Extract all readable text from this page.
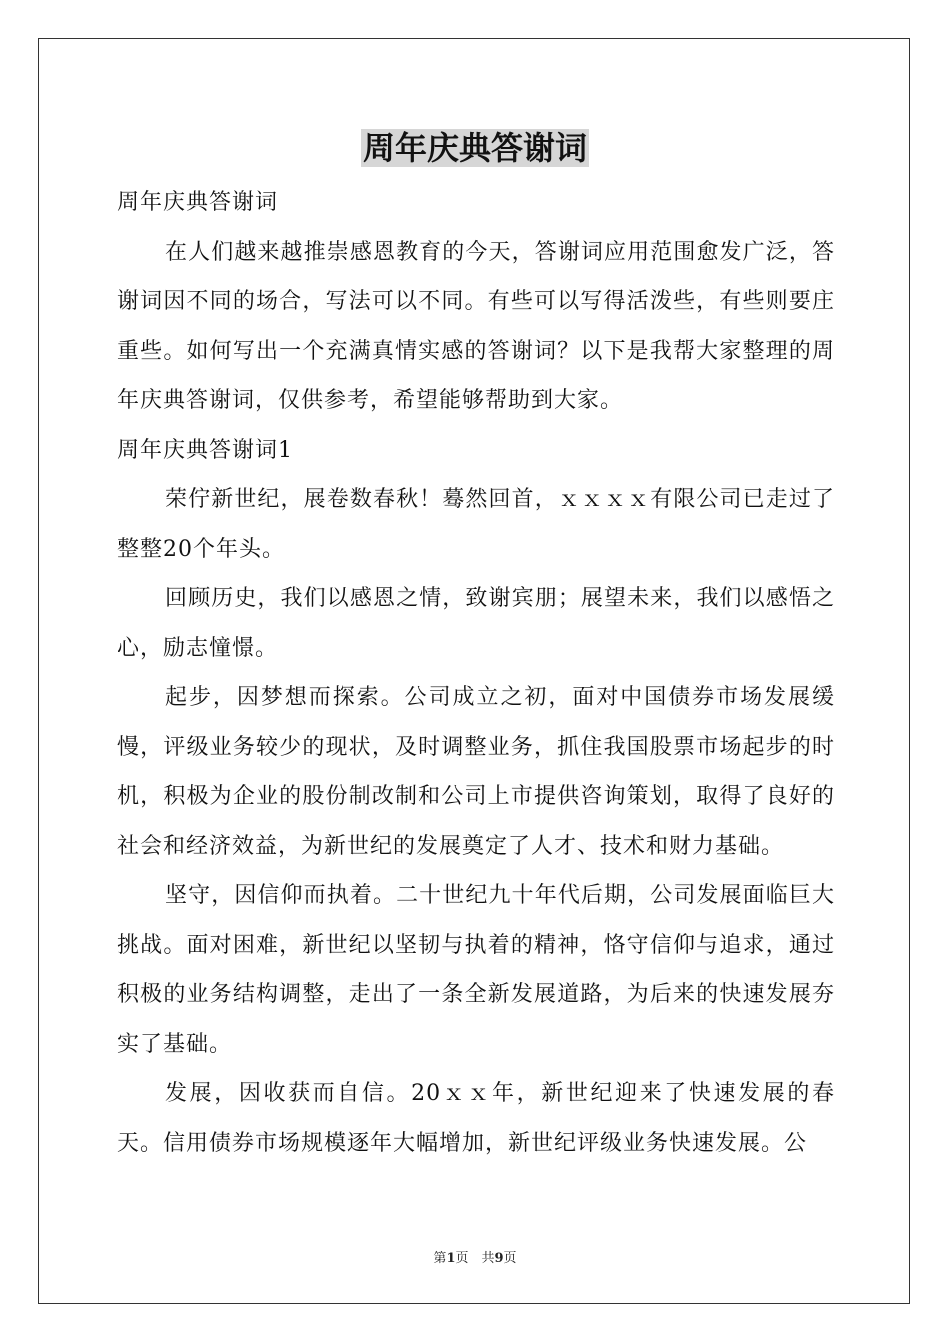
周年庆典答谢词

周年庆典答谢词

在人们越来越推崇感恩教育的今天，答谢词应用范围愈发广泛，答谢词因不同的场合，写法可以不同。有些可以写得活泼些，有些则要庄重些。如何写出一个充满真情实感的答谢词？以下是我帮大家整理的周年庆典答谢词，仅供参考，希望能够帮助到大家。

周年庆典答谢词1

荣佇新世纪，展卷数春秋！蓦然回首，ｘｘｘｘ有限公司已走过了整整20个年头。

回顾历史，我们以感恩之情，致谢宾朋；展望未来，我们以感悟之心，励志憧憬。

起步，因梦想而探索。公司成立之初，面对中国债券市场发展缓慢，评级业务较少的现状，及时调整业务，抓住我国股票市场起步的时机，积极为企业的股份制改制和公司上市提供咨询策划，取得了良好的社会和经济效益，为新世纪的发展奠定了人才、技术和财力基础。

坚守，因信仰而执着。二十世纪九十年代后期，公司发展面临巨大挑战。面对困难，新世纪以坚韧与执着的精神，恪守信仰与追求，通过积极的业务结构调整，走出了一条全新发展道路，为后来的快速发展夯实了基础。

发展，因收获而自信。20ｘｘ年，新世纪迎来了快速发展的春天。信用债券市场规模逐年大幅增加，新世纪评级业务快速发展。公

第1页　共9页
